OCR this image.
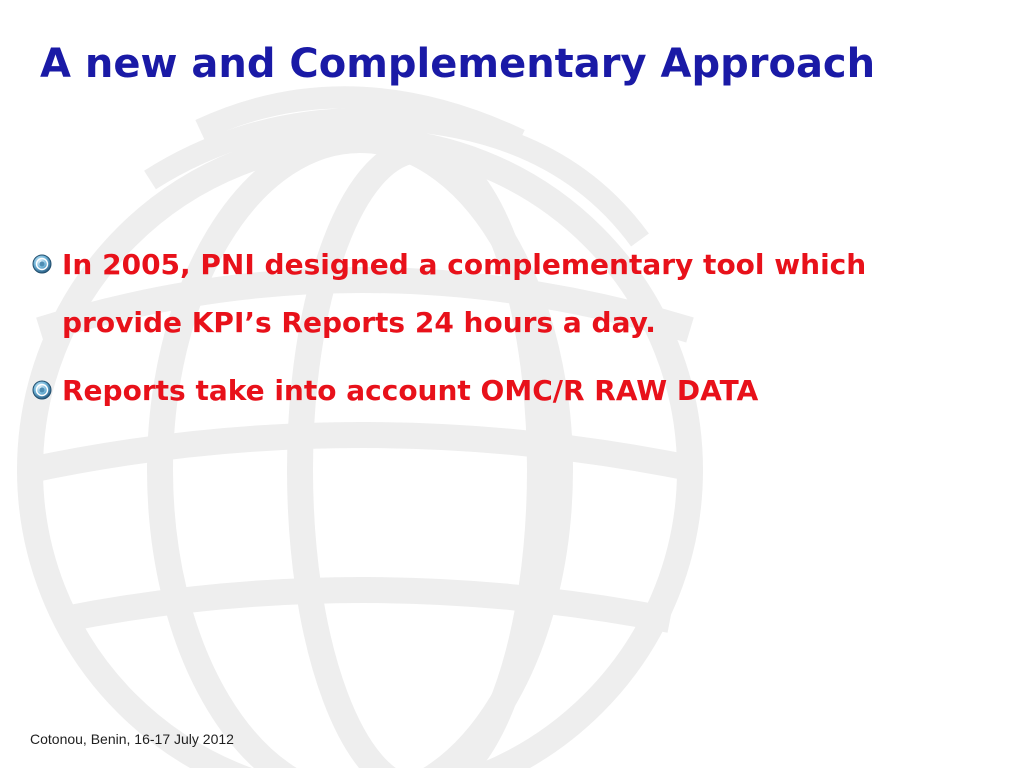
A new and Complementary Approach
In 2005, PNI designed a complementary tool which provide KPI’s Reports 24 hours a day.
Reports take into account OMC/R RAW DATA
Cotonou, Benin, 16-17 July 2012
